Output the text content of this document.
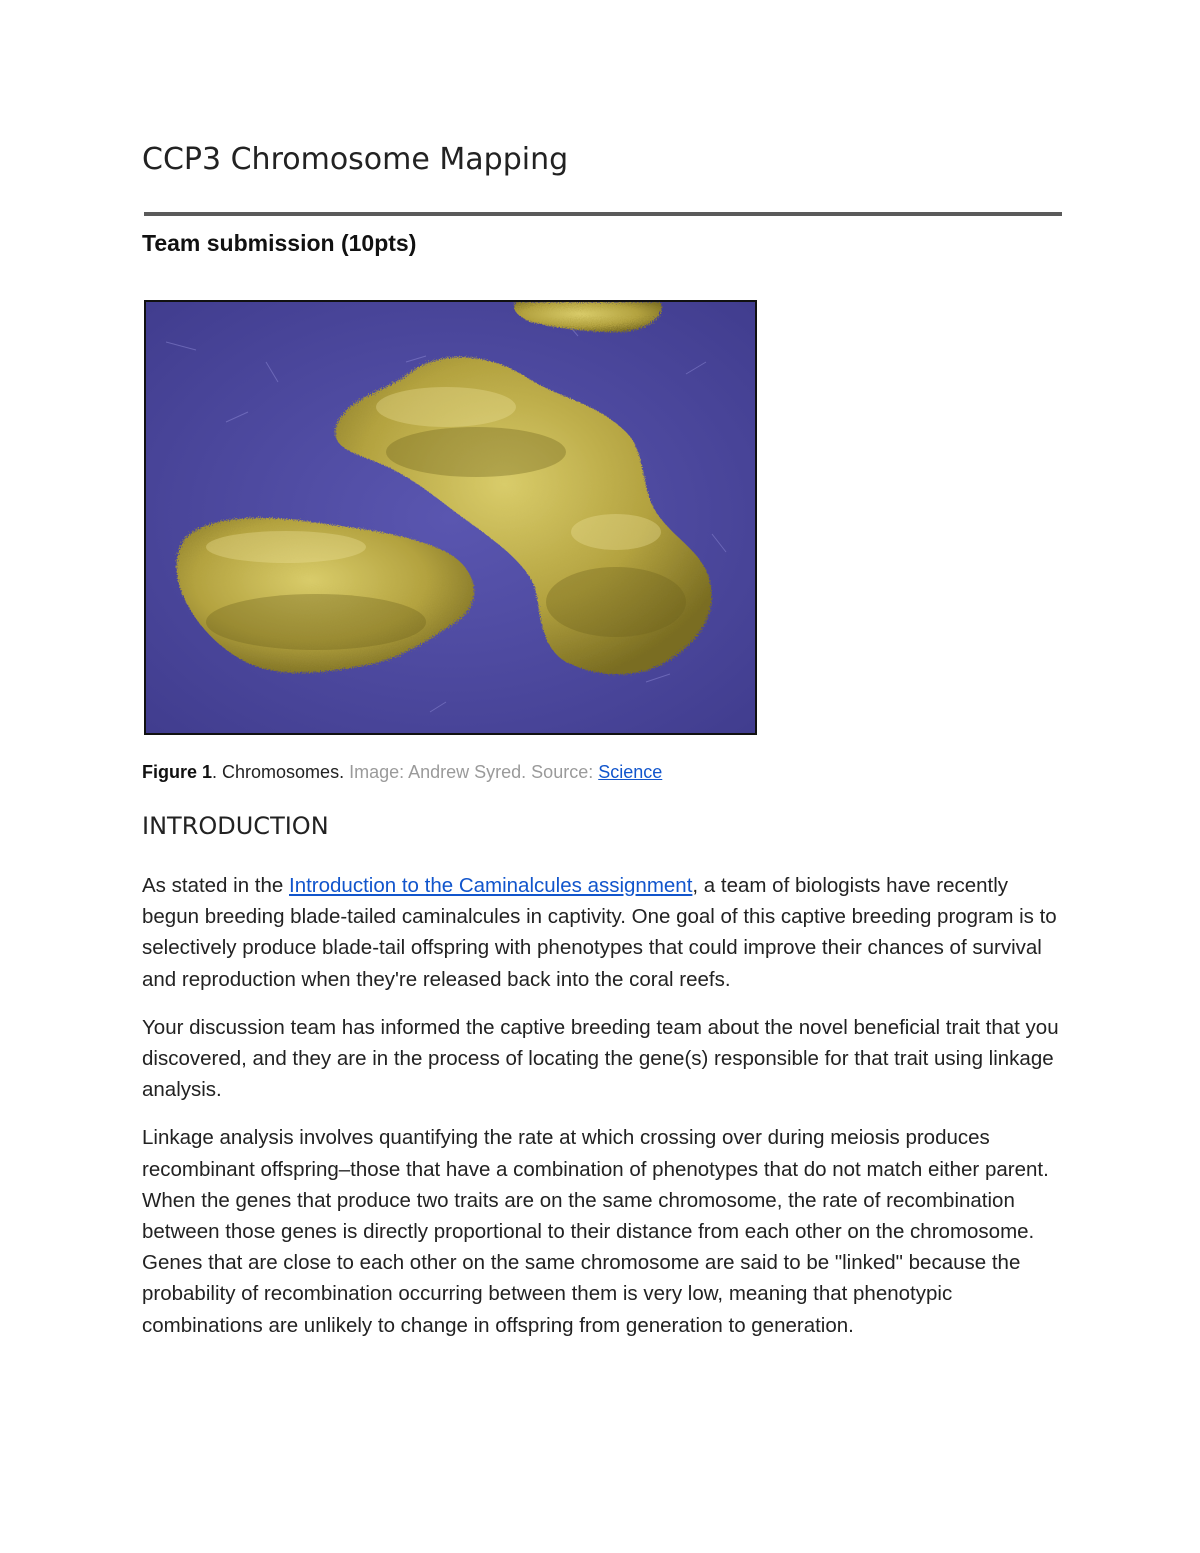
CCP3 Chromosome Mapping
Team submission (10pts)
Figure 1. Chromosomes. Image: Andrew Syred. Source: Science
INTRODUCTION

As stated in the Introduction to the Caminalcules assignment, a team of biologists have recently begun breeding blade-tailed caminalcules in captivity. One goal of this captive breeding program is to selectively produce blade-tail offspring with phenotypes that could improve their chances of survival and reproduction when they're released back into the coral reefs.

Your discussion team has informed the captive breeding team about the novel beneficial trait that you discovered, and they are in the process of locating the gene(s) responsible for that trait using linkage analysis.

Linkage analysis involves quantifying the rate at which crossing over during meiosis produces recombinant offspring–those that have a combination of phenotypes that do not match either parent. When the genes that produce two traits are on the same chromosome, the rate of recombination between those genes is directly proportional to their distance from each other on the chromosome. Genes that are close to each other on the same chromosome are said to be "linked" because the probability of recombination occurring between them is very low, meaning that phenotypic combinations are unlikely to change in offspring from generation to generation.
